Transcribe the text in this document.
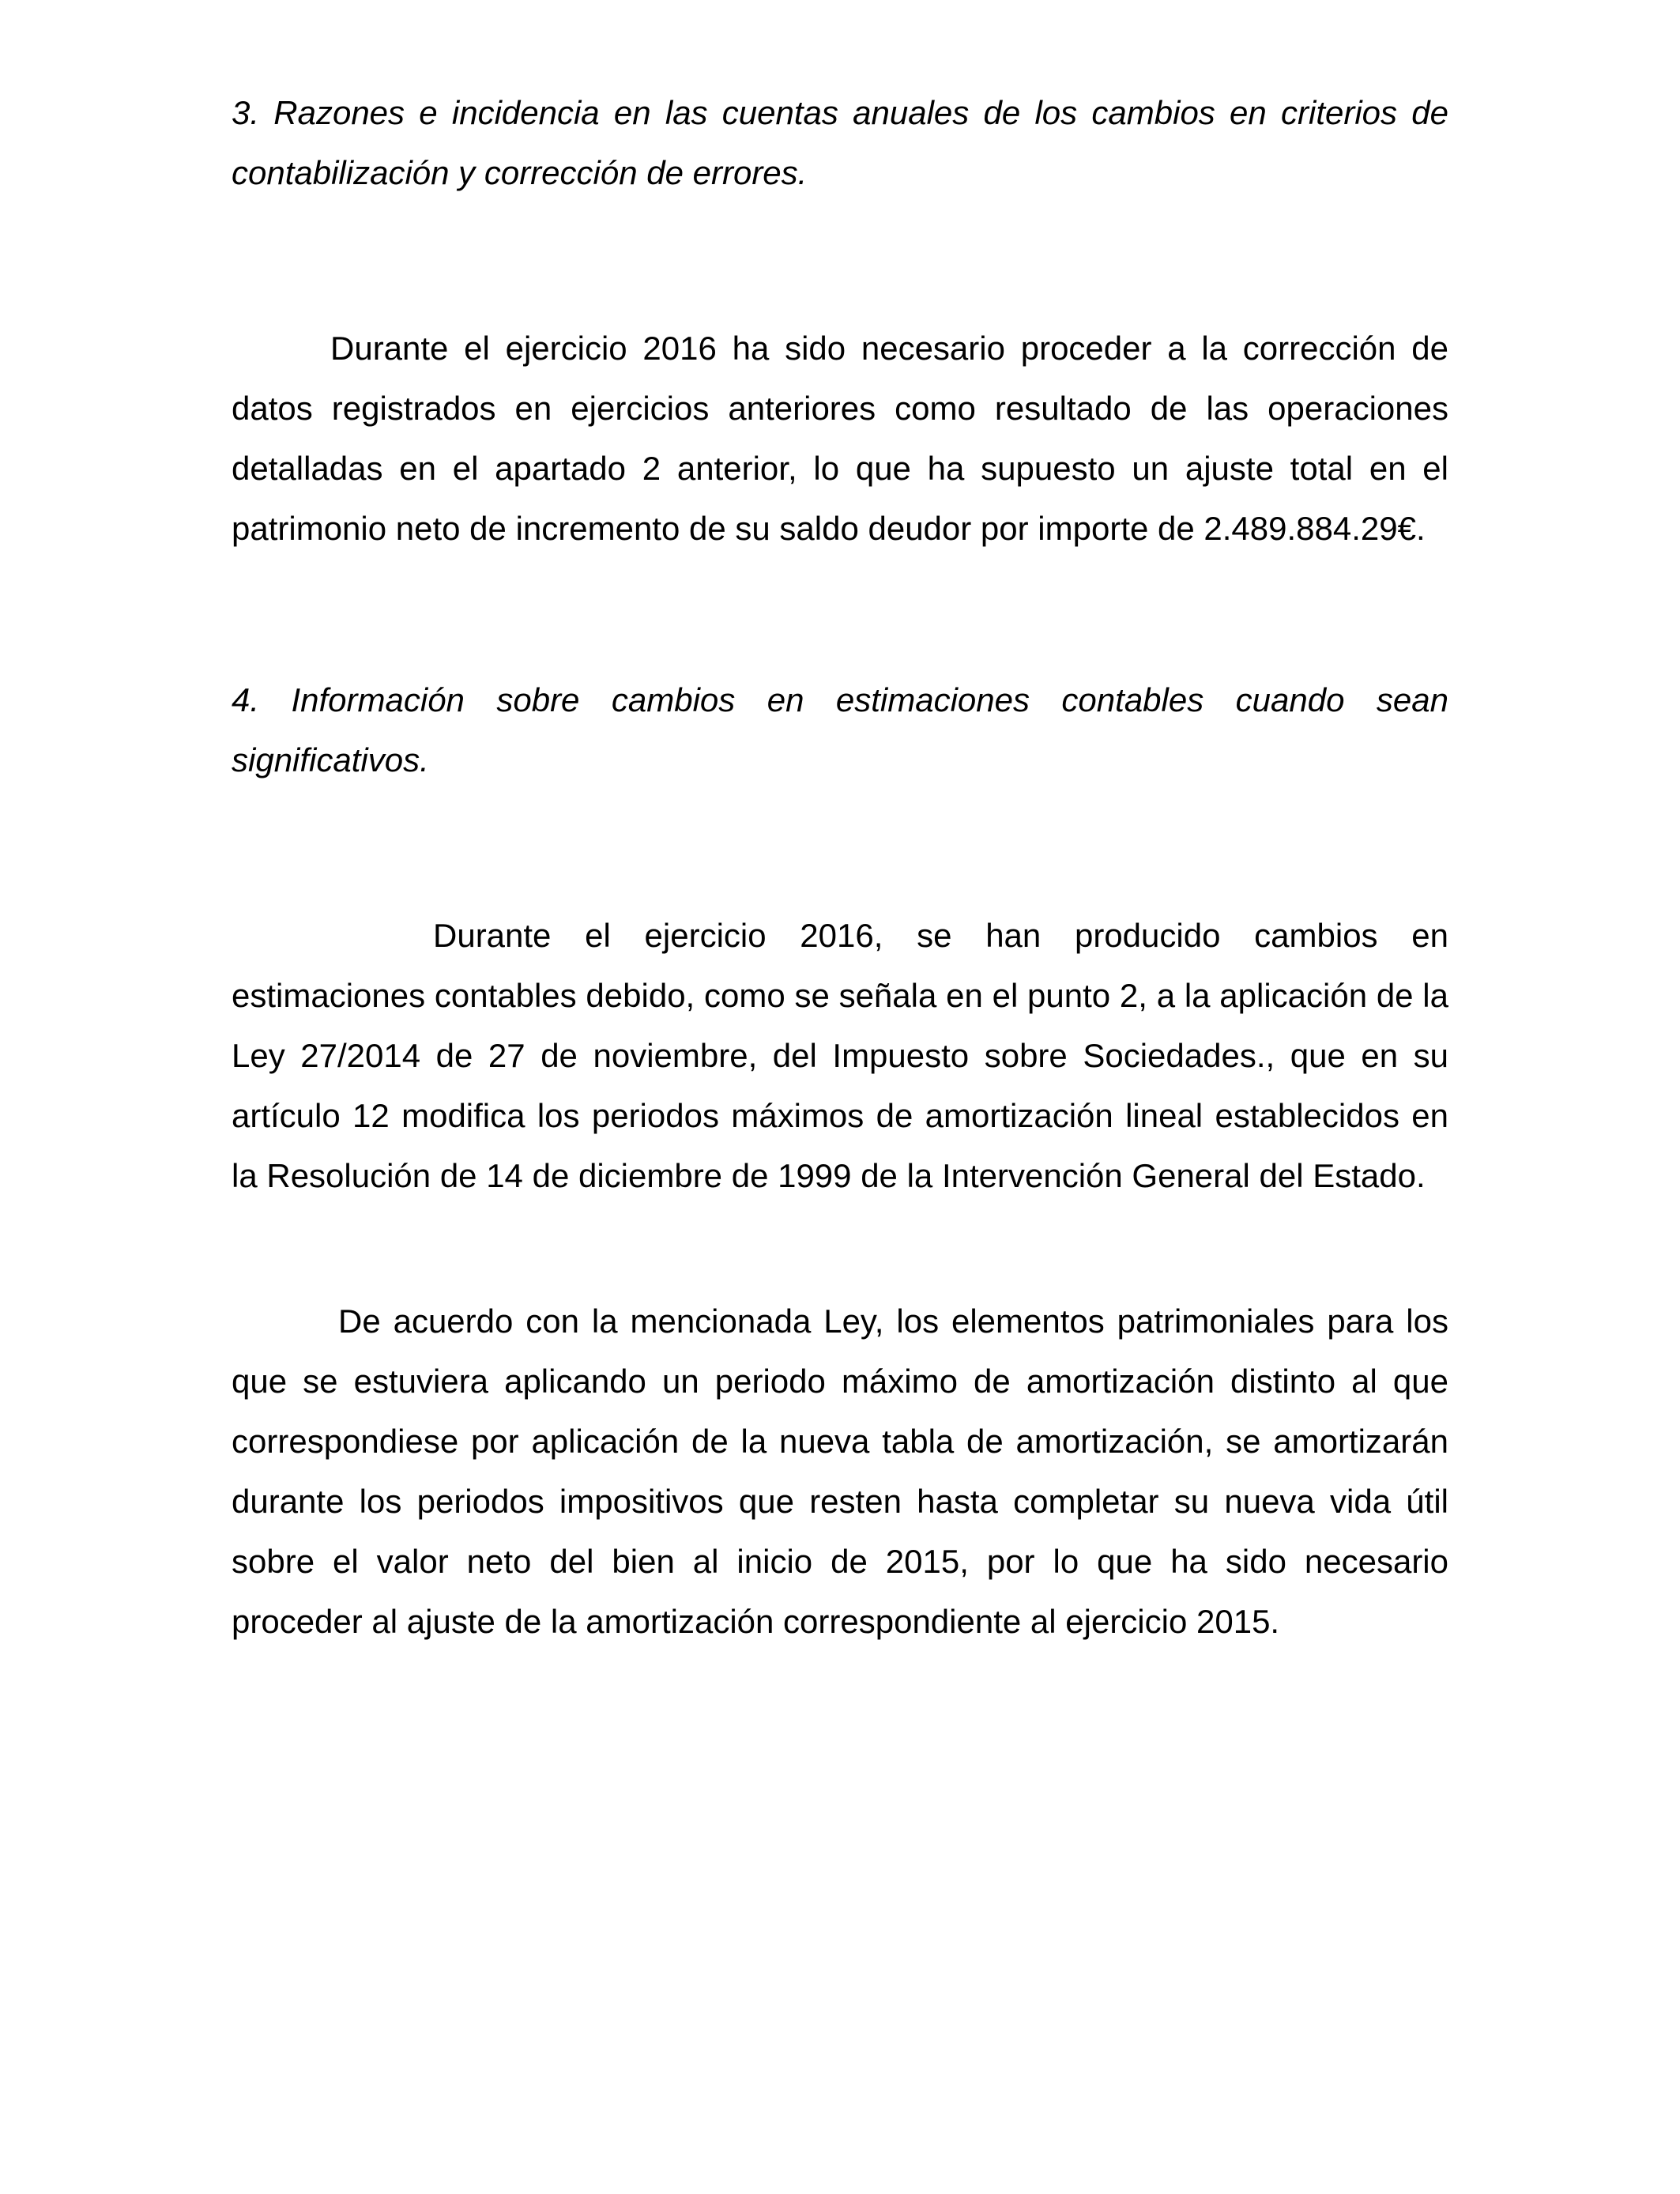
3. Razones e incidencia en las cuentas anuales de los cambios en criterios de contabilización y corrección de errores.
Durante el ejercicio 2016 ha sido necesario proceder a la corrección de datos registrados en ejercicios anteriores como resultado de las operaciones detalladas en el apartado 2 anterior, lo que ha supuesto un ajuste total en el patrimonio neto de incremento de su saldo deudor por importe de 2.489.884.29€.
4. Información sobre cambios en estimaciones contables cuando sean significativos.
Durante el ejercicio 2016, se han producido cambios en estimaciones contables debido, como se señala en el punto 2, a la aplicación de la Ley 27/2014 de 27 de noviembre, del Impuesto sobre Sociedades., que en su artículo 12 modifica los periodos máximos de amortización lineal establecidos en la Resolución de 14 de diciembre de 1999 de la Intervención General del Estado.
De acuerdo con la mencionada Ley, los elementos patrimoniales para los que se estuviera aplicando un periodo máximo de amortización distinto al que correspondiese por aplicación de la nueva tabla de amortización, se amortizarán durante los periodos impositivos que resten hasta completar su nueva vida útil sobre el valor neto del bien al inicio de 2015, por lo que ha sido necesario proceder al ajuste de la amortización correspondiente al ejercicio 2015.
